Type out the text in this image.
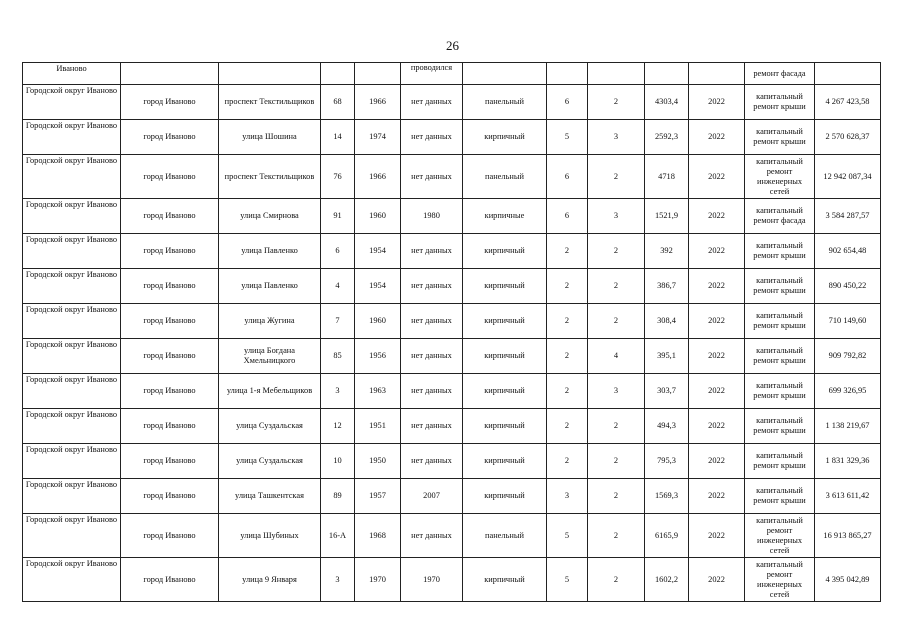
26
Иваново					проводился						ремонт фасада	
Городской округ Иваново	город Иваново	проспект Текстильщиков	68	1966	нет данных	панельный	6	2	4303,4	2022	капитальный ремонт крыши	4 267 423,58
Городской округ Иваново	город Иваново	улица Шошина	14	1974	нет данных	кирпичный	5	3	2592,3	2022	капитальный ремонт крыши	2 570 628,37
Городской округ Иваново	город Иваново	проспект Текстильщиков	76	1966	нет данных	панельный	6	2	4718	2022	капитальный ремонт инженерных сетей	12 942 087,34
Городской округ Иваново	город Иваново	улица Смирнова	91	1960	1980	кирпичные	6	3	1521,9	2022	капитальный ремонт фасада	3 584 287,57
Городской округ Иваново	город Иваново	улица Павленко	6	1954	нет данных	кирпичный	2	2	392	2022	капитальный ремонт крыши	902 654,48
Городской округ Иваново	город Иваново	улица Павленко	4	1954	нет данных	кирпичный	2	2	386,7	2022	капитальный ремонт крыши	890 450,22
Городской округ Иваново	город Иваново	улица Жугина	7	1960	нет данных	кирпичный	2	2	308,4	2022	капитальный ремонт крыши	710 149,60
Городской округ Иваново	город Иваново	улица Богдана Хмельницкого	85	1956	нет данных	кирпичный	2	4	395,1	2022	капитальный ремонт крыши	909 792,82
Городской округ Иваново	город Иваново	улица 1-я Мебельщиков	3	1963	нет данных	кирпичный	2	3	303,7	2022	капитальный ремонт крыши	699 326,95
Городской округ Иваново	город Иваново	улица Суздальская	12	1951	нет данных	кирпичный	2	2	494,3	2022	капитальный ремонт крыши	1 138 219,67
Городской округ Иваново	город Иваново	улица Суздальская	10	1950	нет данных	кирпичный	2	2	795,3	2022	капитальный ремонт крыши	1 831 329,36
Городской округ Иваново	город Иваново	улица Ташкентская	89	1957	2007	кирпичный	3	2	1569,3	2022	капитальный ремонт крыши	3 613 611,42
Городской округ Иваново	город Иваново	улица Шубиных	16-А	1968	нет данных	панельный	5	2	6165,9	2022	капитальный ремонт инженерных сетей	16 913 865,27
Городской округ Иваново	город Иваново	улица 9 Января	3	1970	1970	кирпичный	5	2	1602,2	2022	капитальный ремонт инженерных сетей	4 395 042,89
